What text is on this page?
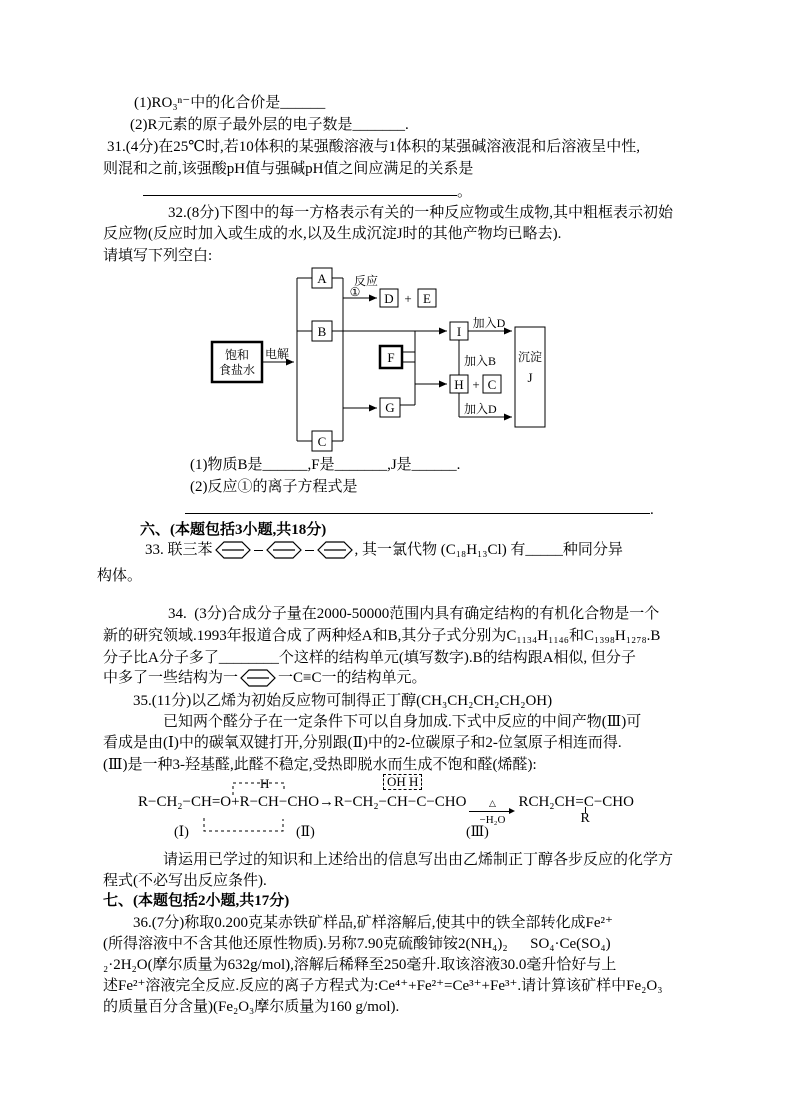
(1)RO₃ⁿ⁻中的化合价是______
(2)R元素的原子最外层的电子数是_______.
31.(4分)在25℃时,若10体积的某强酸溶液与1体积的某强碱溶液混和后溶液呈中性,
则混和之前,该强酸pH值与强碱pH值之间应满足的关系是
。
32.(8分)下图中的每一方格表示有关的一种反应物或生成物,其中粗框表示初始
反应物(反应时加入或生成的水,以及生成沉淀J时的其他产物均已略去).
请填写下列空白:
饱和
食盐水
电解
反应
①
加入D
沉淀
加入B
加入D
A
B
C
D + E
F
G
I
H + C J
(1)物质B是______,F是_______,J是______.
(2)反应①的离子方程式是
.
六、(本题包括3小题,共18分)
33. 联三苯	, 其一氯代物 (C₁₈H₁₃Cl) 有_____种同分异
构体。
34.  (3分)合成分子量在2000-50000范围内具有确定结构的有机化合物是一个
新的研究领域.1993年报道合成了两种烃A和B,其分子式分别为C₁₁₃₄H₁₁₄₆和C₁₃₉₈H₁₂₇₈.B
分子比A分子多了________个这样的结构单元(填写数字).B的结构跟A相似, 但分子
中多了一些结构为一	一C≡C一的结构单元。
35.(11分)以乙烯为初始反应物可制得正丁醇(CH₃CH₂CH₂CH₂OH)
已知两个醛分子在一定条件下可以自身加成.下式中反应的中间产物(Ⅲ)可
看成是由(Ⅰ)中的碳氧双键打开,分别跟(Ⅱ)中的2-位碳原子和2-位氢原子相连而得.
(Ⅲ)是一种3-羟基醛,此醛不稳定,受热即脱水而生成不饱和醛(烯醛):
R−CH₂−CH=O+R− CH
H
−CHO→R−CH₂− CH−C
OH H
−CHO	△
−H₂O
RCH₂CH=C−CHO
R
(Ⅰ)	(Ⅱ)	(Ⅲ)
请运用已学过的知识和上述给出的信息写出由乙烯制正丁醇各步反应的化学方
程式(不必写出反应条件).
七、(本题包括2小题,共17分)
36.(7分)称取0.200克某赤铁矿样品,矿样溶解后,使其中的铁全部转化成Fe²⁺
(所得溶液中不含其他还原性物质).另称7.90克硫酸铈铵2(NH₄)₂      SO₄·Ce(SO₄)
₂·2H₂O(摩尔质量为632g/mol),溶解后稀释至250毫升.取该溶液30.0毫升恰好与上
述Fe²⁺溶液完全反应.反应的离子方程式为:Ce⁴⁺+Fe²⁺=Ce³⁺+Fe³⁺.请计算该矿样中Fe₂O₃
的质量百分含量)(Fe₂O₃摩尔质量为160 g/mol).
